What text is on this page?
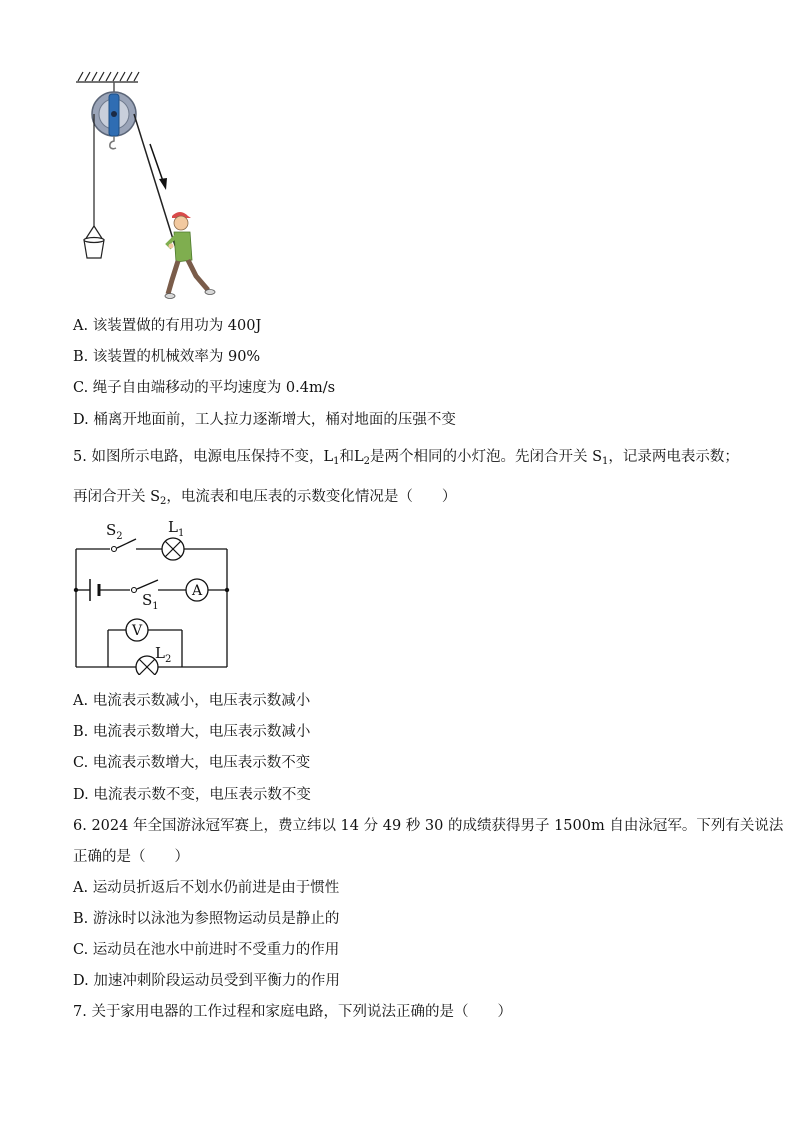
A. 该装置做的有用功为 400J
B. 该装置的机械效率为 90%
C. 绳子自由端移动的平均速度为 0.4m/s
D. 桶离开地面前，工人拉力逐渐增大，桶对地面的压强不变
5. 如图所示电路，电源电压保持不变，$L_1$和$L_2$是两个相同的小灯泡。先闭合开关 $S_1$，记录两电表示数；
再闭合开关 $S_2$，电流表和电压表的示数变化情况是（　　）
A
V
$S_2$
$L_1$
$S_1$
$L_2$
A. 电流表示数减小，电压表示数减小
B. 电流表示数增大，电压表示数减小
C. 电流表示数增大，电压表示数不变
D. 电流表示数不变，电压表示数不变
6. 2024 年全国游泳冠军赛上，费立纬以 14 分 49 秒 30 的成绩获得男子 1500m 自由泳冠军。下列有关说法
正确的是（　　）
A. 运动员折返后不划水仍前进是由于惯性
B. 游泳时以泳池为参照物运动员是静止的
C. 运动员在池水中前进时不受重力的作用
D. 加速冲刺阶段运动员受到平衡力的作用
7. 关于家用电器的工作过程和家庭电路，下列说法正确的是（　　）
